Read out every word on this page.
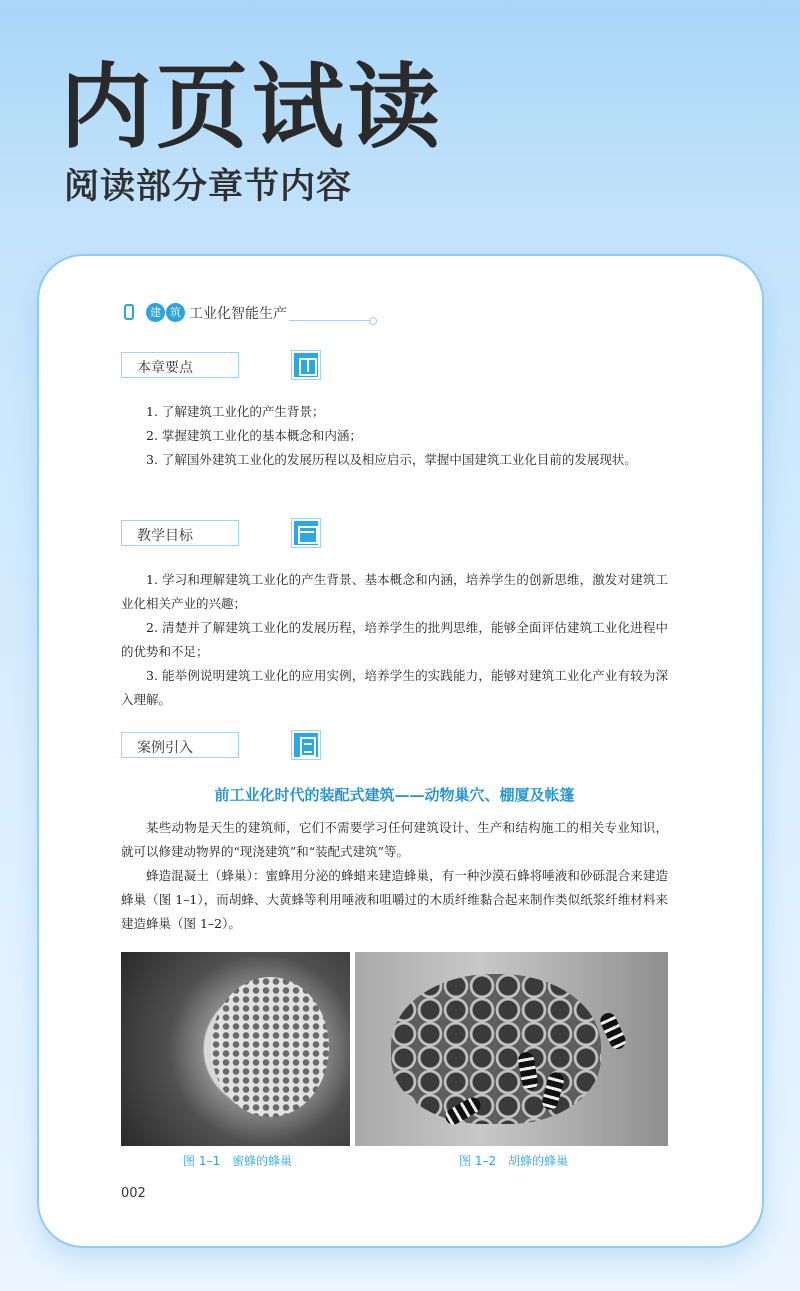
内页试读
阅读部分章节内容
建 筑 工业化智能生产
本章要点

1. 了解建筑工业化的产生背景；

2. 掌握建筑工业化的基本概念和内涵；

3. 了解国外建筑工业化的发展历程以及相应启示，掌握中国建筑工业化目前的发展现状。

教学目标

1. 学习和理解建筑工业化的产生背景、基本概念和内涵，培养学生的创新思维，激发对建筑工业化相关产业的兴趣；

2. 清楚并了解建筑工业化的发展历程，培养学生的批判思维，能够全面评估建筑工业化进程中的优势和不足；

3. 能举例说明建筑工业化的应用实例，培养学生的实践能力，能够对建筑工业化产业有较为深入理解。

案例引入

前工业化时代的装配式建筑——动物巢穴、棚厦及帐篷

某些动物是天生的建筑师，它们不需要学习任何建筑设计、生产和结构施工的相关专业知识，就可以修建动物界的“现浇建筑”和“装配式建筑”等。

蜂造混凝土（蜂巢）：蜜蜂用分泌的蜂蜡来建造蜂巢，有一种沙漠石蜂将唾液和砂砾混合来建造蜂巢（图 1–1），而胡蜂、大黄蜂等利用唾液和咀嚼过的木质纤维黏合起来制作类似纸浆纤维材料来建造蜂巢（图 1–2）。

图 1–1　蜜蜂的蜂巢	图 1–2　胡蜂的蜂巢
002
